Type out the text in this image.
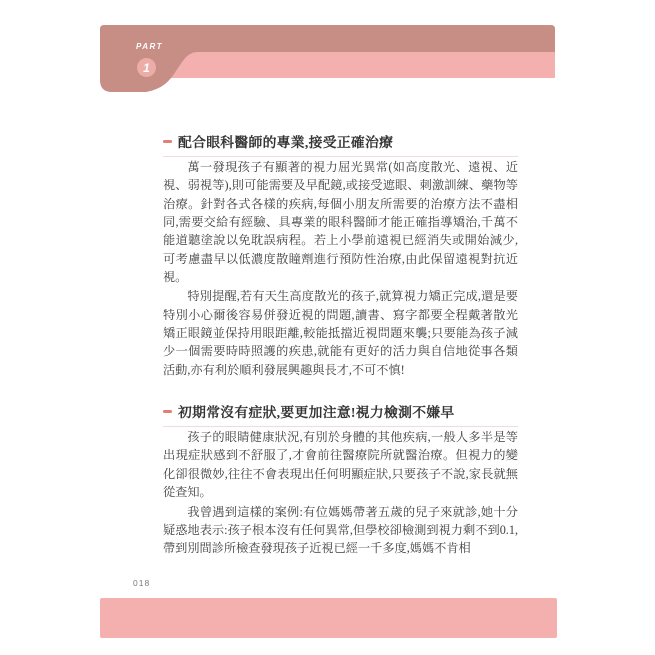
PART
1
配合眼科醫師的專業,接受正確治療

萬一發現孩子有顯著的視力屈光異常(如高度散光、遠視、近視、弱視等),則可能需要及早配鏡,或接受遮眼、刺激訓練、藥物等治療。針對各式各樣的疾病,每個小朋友所需要的治療方法不盡相同,需要交給有經驗、具專業的眼科醫師才能正確指導矯治,千萬不能道聽塗說以免耽誤病程。若上小學前遠視已經消失或開始減少,可考慮盡早以低濃度散瞳劑進行預防性治療,由此保留遠視對抗近視。

特別提醒,若有天生高度散光的孩子,就算視力矯正完成,還是要特別小心爾後容易併發近視的問題,讀書、寫字都要全程戴著散光矯正眼鏡並保持用眼距離,較能抵擋近視問題來襲;只要能為孩子減少一個需要時時照護的疾患,就能有更好的活力與自信地從事各類活動,亦有利於順利發展興趣與長才,不可不慎!

初期常沒有症狀,要更加注意!視力檢測不嫌早

孩子的眼睛健康狀況,有別於身體的其他疾病,一般人多半是等出現症狀感到不舒服了,才會前往醫療院所就醫治療。但視力的變化卻很微妙,往往不會表現出任何明顯症狀,只要孩子不說,家長就無從查知。

我曾遇到這樣的案例:有位媽媽帶著五歲的兒子來就診,她十分疑惑地表示:孩子根本沒有任何異常,但學校卻檢測到視力剩不到0.1,帶到別間診所檢查發現孩子近視已經一千多度,媽媽不肯相

018
